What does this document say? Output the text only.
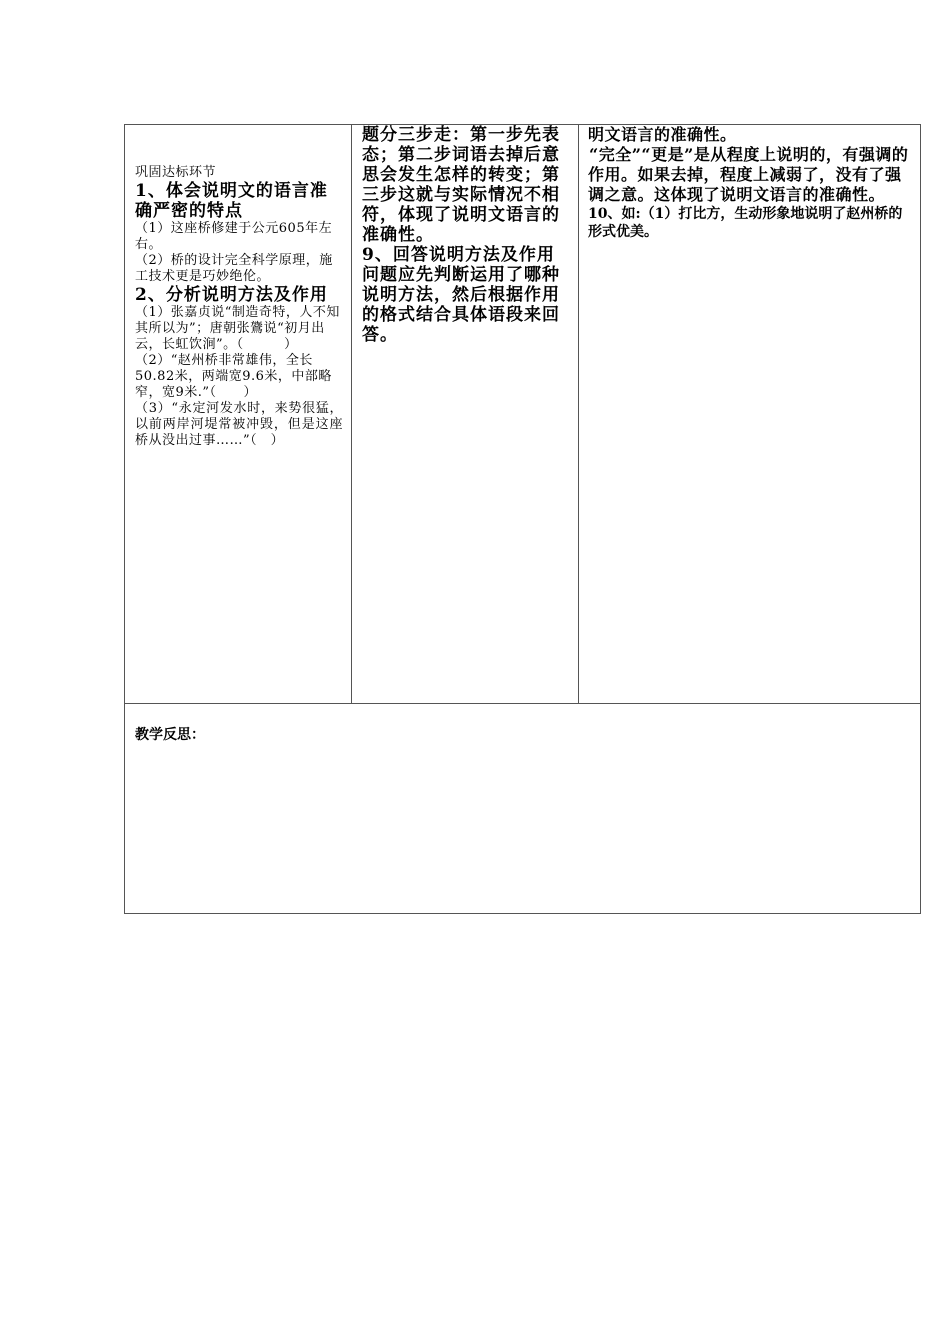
巩固达标环节

1、体会说明文的语言准确严密的特点

（1）这座桥修建于公元605年左右。

（2）桥的设计完全科学原理，施工技术更是巧妙绝伦。

2、分析说明方法及作用

（1）张嘉贞说“制造奇特，人不知其所以为”；唐朝张鷟说“初月出云，长虹饮涧”。（　　　）

（2）“赵州桥非常雄伟，全长50.82米，两端宽9.6米，中部略窄，宽9米.”（　　）

（3）“永定河发水时，来势很猛，以前两岸河堤常被冲毁，但是这座 桥从没出过事……”（　）

题分三步走：第一步先表态；第二步词语去掉后意思会发生怎样的转变；第三步这就与实际情况不相符，体现了说明文语言的准确性。

9、回答说明方法及作用问题应先判断运用了哪种说明方法，然后根据作用的格式结合具体语段来回答。

明文语言的准确性。

“完全”“更是”是从程度上说明的，有强调的作用。如果去掉，程度上减弱了，没有了强调之意。这体现了说明文语言的准确性。

10、如:（1）打比方，生动形象地说明了赵州桥的形式优美。

教学反思：
